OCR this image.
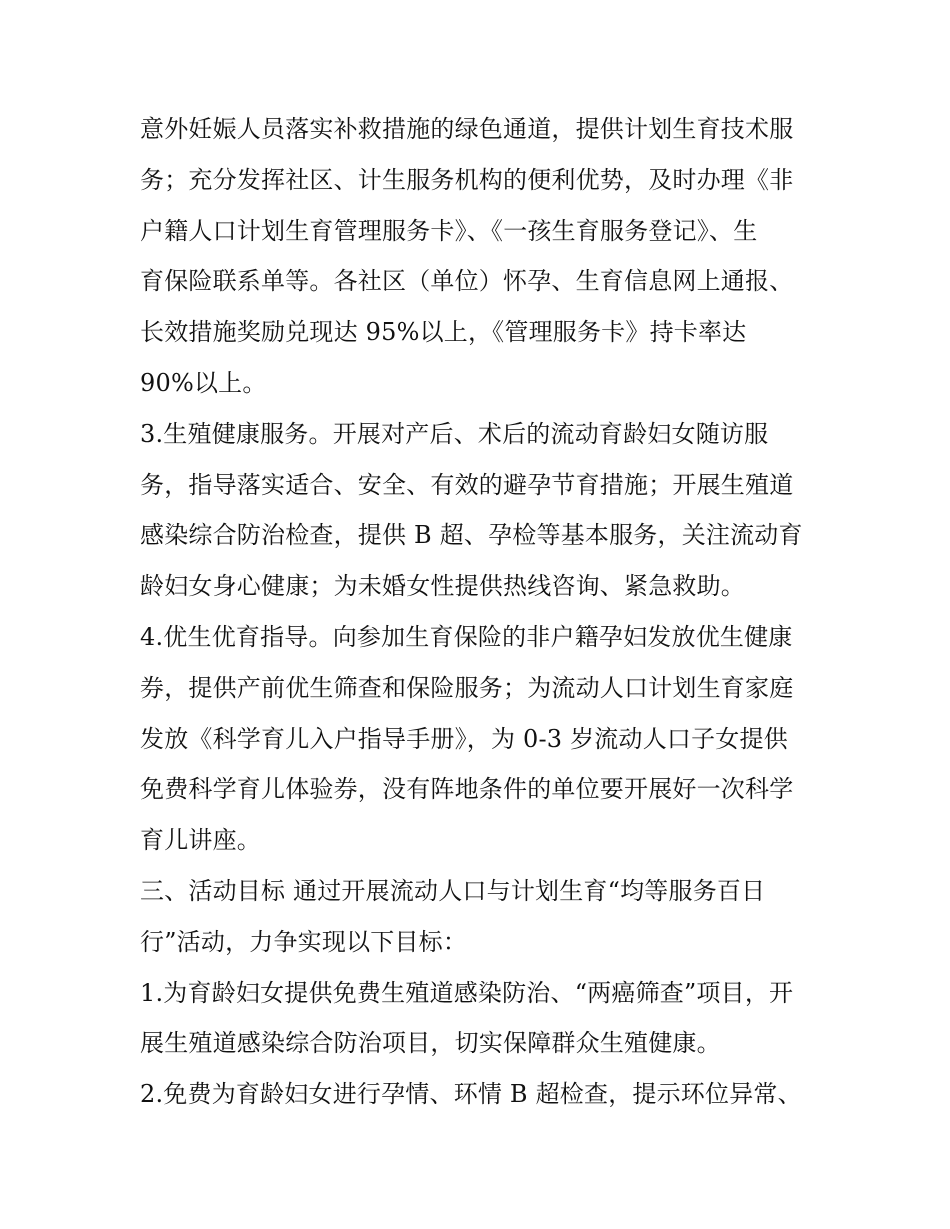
意外妊娠人员落实补救措施的绿色通道，提供计划生育技术服
务；充分发挥社区、计生服务机构的便利优势，及时办理《非
户籍人口计划生育管理服务卡》、《一孩生育服务登记》、生
育保险联系单等。各社区（单位）怀孕、生育信息网上通报、
长效措施奖励兑现达 95%以上，《管理服务卡》持卡率达
90%以上。
3.生殖健康服务。开展对产后、术后的流动育龄妇女随访服
务，指导落实适合、安全、有效的避孕节育措施；开展生殖道
感染综合防治检查，提供 B 超、孕检等基本服务，关注流动育
龄妇女身心健康；为未婚女性提供热线咨询、紧急救助。
4.优生优育指导。向参加生育保险的非户籍孕妇发放优生健康
券，提供产前优生筛查和保险服务；为流动人口计划生育家庭
发放《科学育儿入户指导手册》，为 0-3 岁流动人口子女提供
免费科学育儿体验券，没有阵地条件的单位要开展好一次科学
育儿讲座。
三、活动目标 通过开展流动人口与计划生育“均等服务百日
行”活动，力争实现以下目标：
1.为育龄妇女提供免费生殖道感染防治、“两癌筛查”项目，开
展生殖道感染综合防治项目，切实保障群众生殖健康。
2.免费为育龄妇女进行孕情、环情 B 超检查，提示环位异常、
